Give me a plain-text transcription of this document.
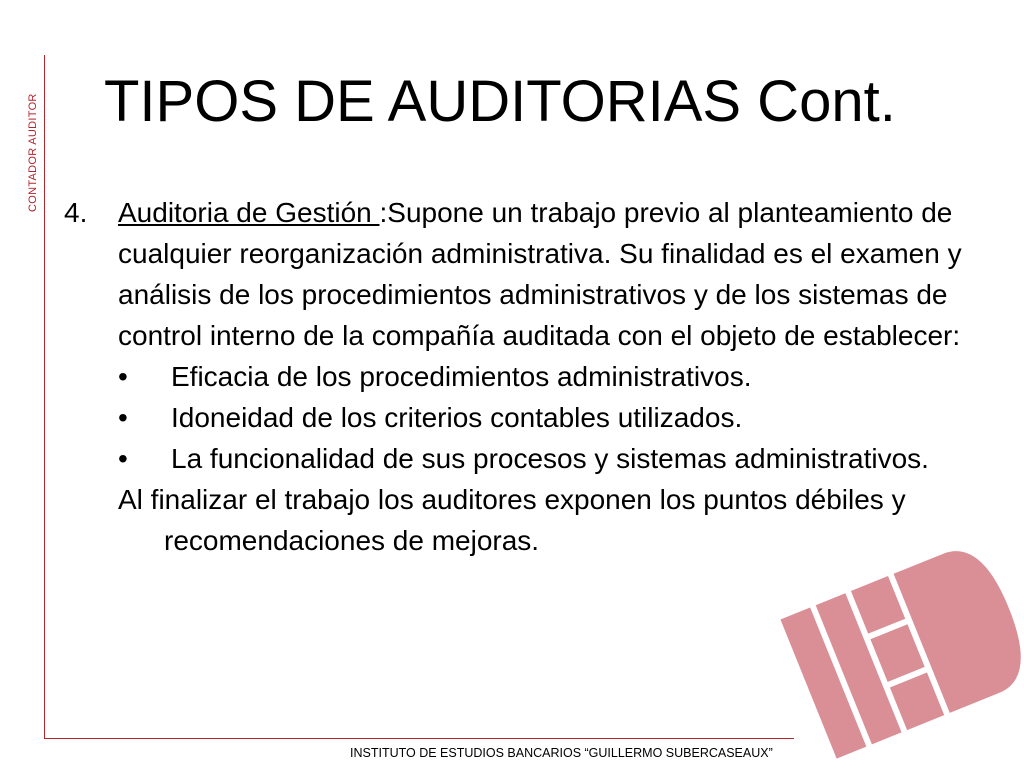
CONTADOR AUDITOR TIPOS DE AUDITORIAS Cont.
4. Auditoria de Gestión :Supone un trabajo previo al planteamiento de cualquier reorganización administrativa. Su finalidad es el examen y análisis de los procedimientos administrativos y de los sistemas de control interno de la compañía auditada con el objeto de establecer:
• Eficacia de los procedimientos administrativos.
• Idoneidad de los criterios contables utilizados.
• La funcionalidad de sus procesos y sistemas administrativos.
Al finalizar el trabajo los auditores exponen los puntos débiles y recomendaciones de mejoras.
INSTITUTO DE ESTUDIOS BANCARIOS “GUILLERMO SUBERCASEAUX”
